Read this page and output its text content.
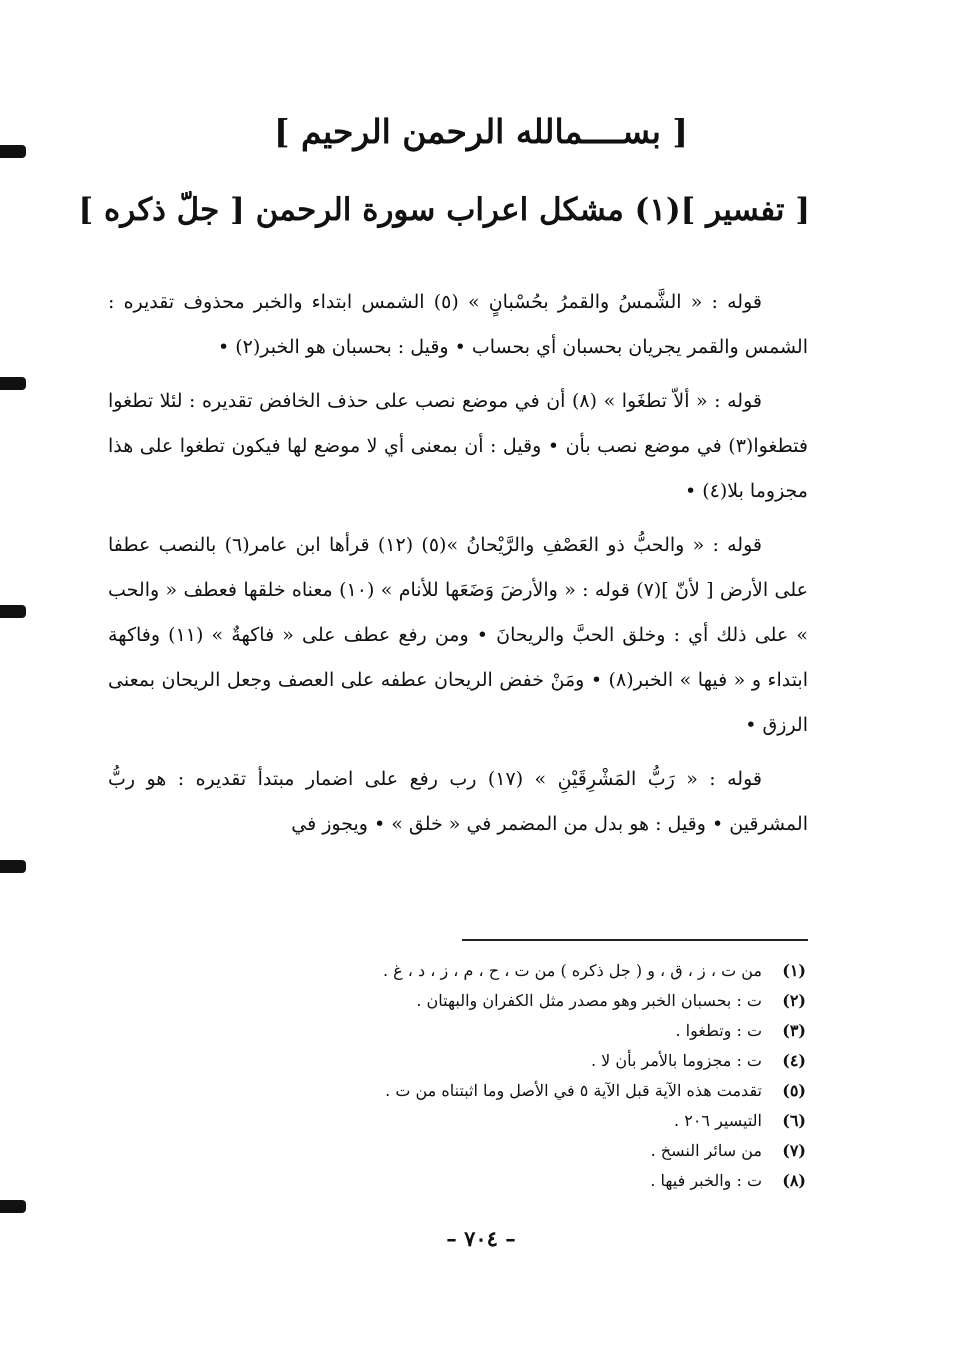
[ بســــمالله الرحمن الرحيم ]
[ تفسير ](١) مشكل اعراب سورة الرحمن [ جلّ ذكره ]

قوله : « الشَّمسُ والقمرُ بحُسْبانٍ » (٥) الشمس ابتداء والخبر محذوف تقديره : الشمس والقمر يجريان بحسبان أي بحساب • وقيل : بحسبان هو الخبر(٢) •

قوله : « ألاّ تطغَوا » (٨) أن في موضع نصب على حذف الخافض تقديره : لئلا تطغوا فتطغوا(٣) في موضع نصب بأن • وقيل : أن بمعنى أي لا موضع لها فيكون تطغوا على هذا مجزوما بلا(٤) •

قوله : « والحبُّ ذو العَصْفِ والرَّيْحانُ »(٥) (١٢) قرأها ابن عامر(٦) بالنصب عطفا على الأرض [ لأنّ ](٧) قوله : « والأرضَ وَضَعَها للأنام » (١٠) معناه خلقها فعطف « والحب » على ذلك أي : وخلق الحبَّ والريحانَ • ومن رفع عطف على « فاكهةٌ » (١١) وفاكهة ابتداء و « فيها » الخبر(٨) • ومَنْ خفض الريحان عطفه على العصف وجعل الريحان بمعنى الرزق •

قوله : « رَبُّ المَشْرِقَيْنِ » (١٧) رب رفع على اضمار مبتدأ تقديره : هو ربُّ المشرقين • وقيل : هو بدل من المضمر في « خلق » • ويجوز في

(١)
من ت ، ز ، ق ، و ( جل ذكره ) من ت ، ح ، م ، ز ، د ، غ .
(٢)
ت : بحسبان الخبر وهو مصدر مثل الكفران والبهتان .
(٣)
ت : وتطغوا .
(٤)
ت : مجزوما بالأمر بأن لا .
(٥)
تقدمت هذه الآية قبل الآية ٥ في الأصل وما اثبتناه من ت .
(٦)
التيسير ٢٠٦ .
(٧)
من سائر النسخ .
(٨)
ت : والخبر فيها .
– ٧٠٤ –
